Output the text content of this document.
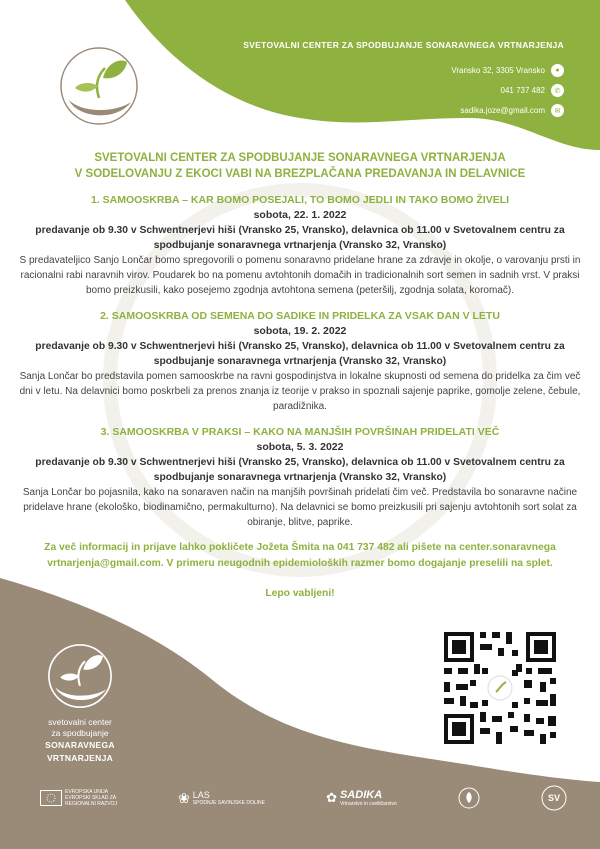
SVETOVALNI CENTER ZA SPODBUJANJE SONARAVNEGA VRTNARJENJA
Vransko 32, 3305 Vransko	●
041 737 482	✆
sadika.joze@gmail.com	✉
SVETOVALNI CENTER ZA SPODBUJANJE SONARAVNEGA VRTNARJENJA
V SODELOVANJU Z EKOCI VABI NA BREZPLAČANA PREDAVANJA IN DELAVNICE
1. SAMOOSKRBA – KAR BOMO POSEJALI, TO BOMO JEDLI IN TAKO BOMO ŽIVELI
sobota, 22. 1. 2022
predavanje ob 9.30 v Schwentnerjevi hiši (Vransko 25, Vransko), delavnica ob 11.00 v Svetovalnem centru za spodbujanje sonaravnega vrtnarjenja (Vransko 32, Vransko)
S predavateljico Sanjo Lončar bomo spregovorili o pomenu sonaravno pridelane hrane za zdravje in okolje, o varovanju prsti in racionalni rabi naravnih virov. Poudarek bo na pomenu avtohtonih domačih in tradicionalnih sort semen in sadnih vrst. V praksi bomo preizkusili, kako posejemo zgodnja avtohtona semena (peteršilj, zgodnja solata, koromač).
2. SAMOOSKRBA OD SEMENA DO SADIKE IN PRIDELKA ZA VSAK DAN V LETU
sobota, 19. 2. 2022
predavanje ob 9.30 v Schwentnerjevi hiši (Vransko 25, Vransko), delavnica ob 11.00 v Svetovalnem centru za spodbujanje sonaravnega vrtnarjenja (Vransko 32, Vransko)
Sanja Lončar bo predstavila pomen samooskrbe na ravni gospodinjstva in lokalne skupnosti od semena do pridelka za čim več dni v letu. Na delavnici bomo poskrbeli za prenos znanja iz teorije v prakso in spoznali sajenje paprike, gomolje zelene, čebule, paradižnika.
3. SAMOOSKRBA V PRAKSI – KAKO NA MANJŠIH POVRŠINAH PRIDELATI VEČ
sobota, 5. 3. 2022
predavanje ob 9.30 v Schwentnerjevi hiši (Vransko 25, Vransko), delavnica ob 11.00 v Svetovalnem centru za spodbujanje sonaravnega vrtnarjenja (Vransko 32, Vransko)
Sanja Lončar bo pojasnila, kako na sonaraven način na manjših površinah pridelati čim več. Predstavila bo sonaravne načine pridelave hrane (ekološko, biodinamično, permakulturno). Na delavnici se bomo preizkusili pri sajenju avtohtonih sort solat za obiranje, blitve, paprike.
Za več informacij in prijave lahko pokličete Jožeta Šmita na 041 737 482 ali pišete na center.sonaravnega vrtnarjenja@gmail.com. V primeru neugodnih epidemioloških razmer bomo dogajanje preselili na splet.
Lepo vabljeni!
svetovalni center
za spodbujanje
SONARAVNEGA
VRTNARJENJA
EVROPSKA UNIJA
EVROPSKI SKLAD ZA
REGIONALNI RAZVOJ	❀ LAS
SPODNJE SAVINJSKE DOLINE	✿ SADIKA
Vrtnarstvo in cvetličarstvo
SV
